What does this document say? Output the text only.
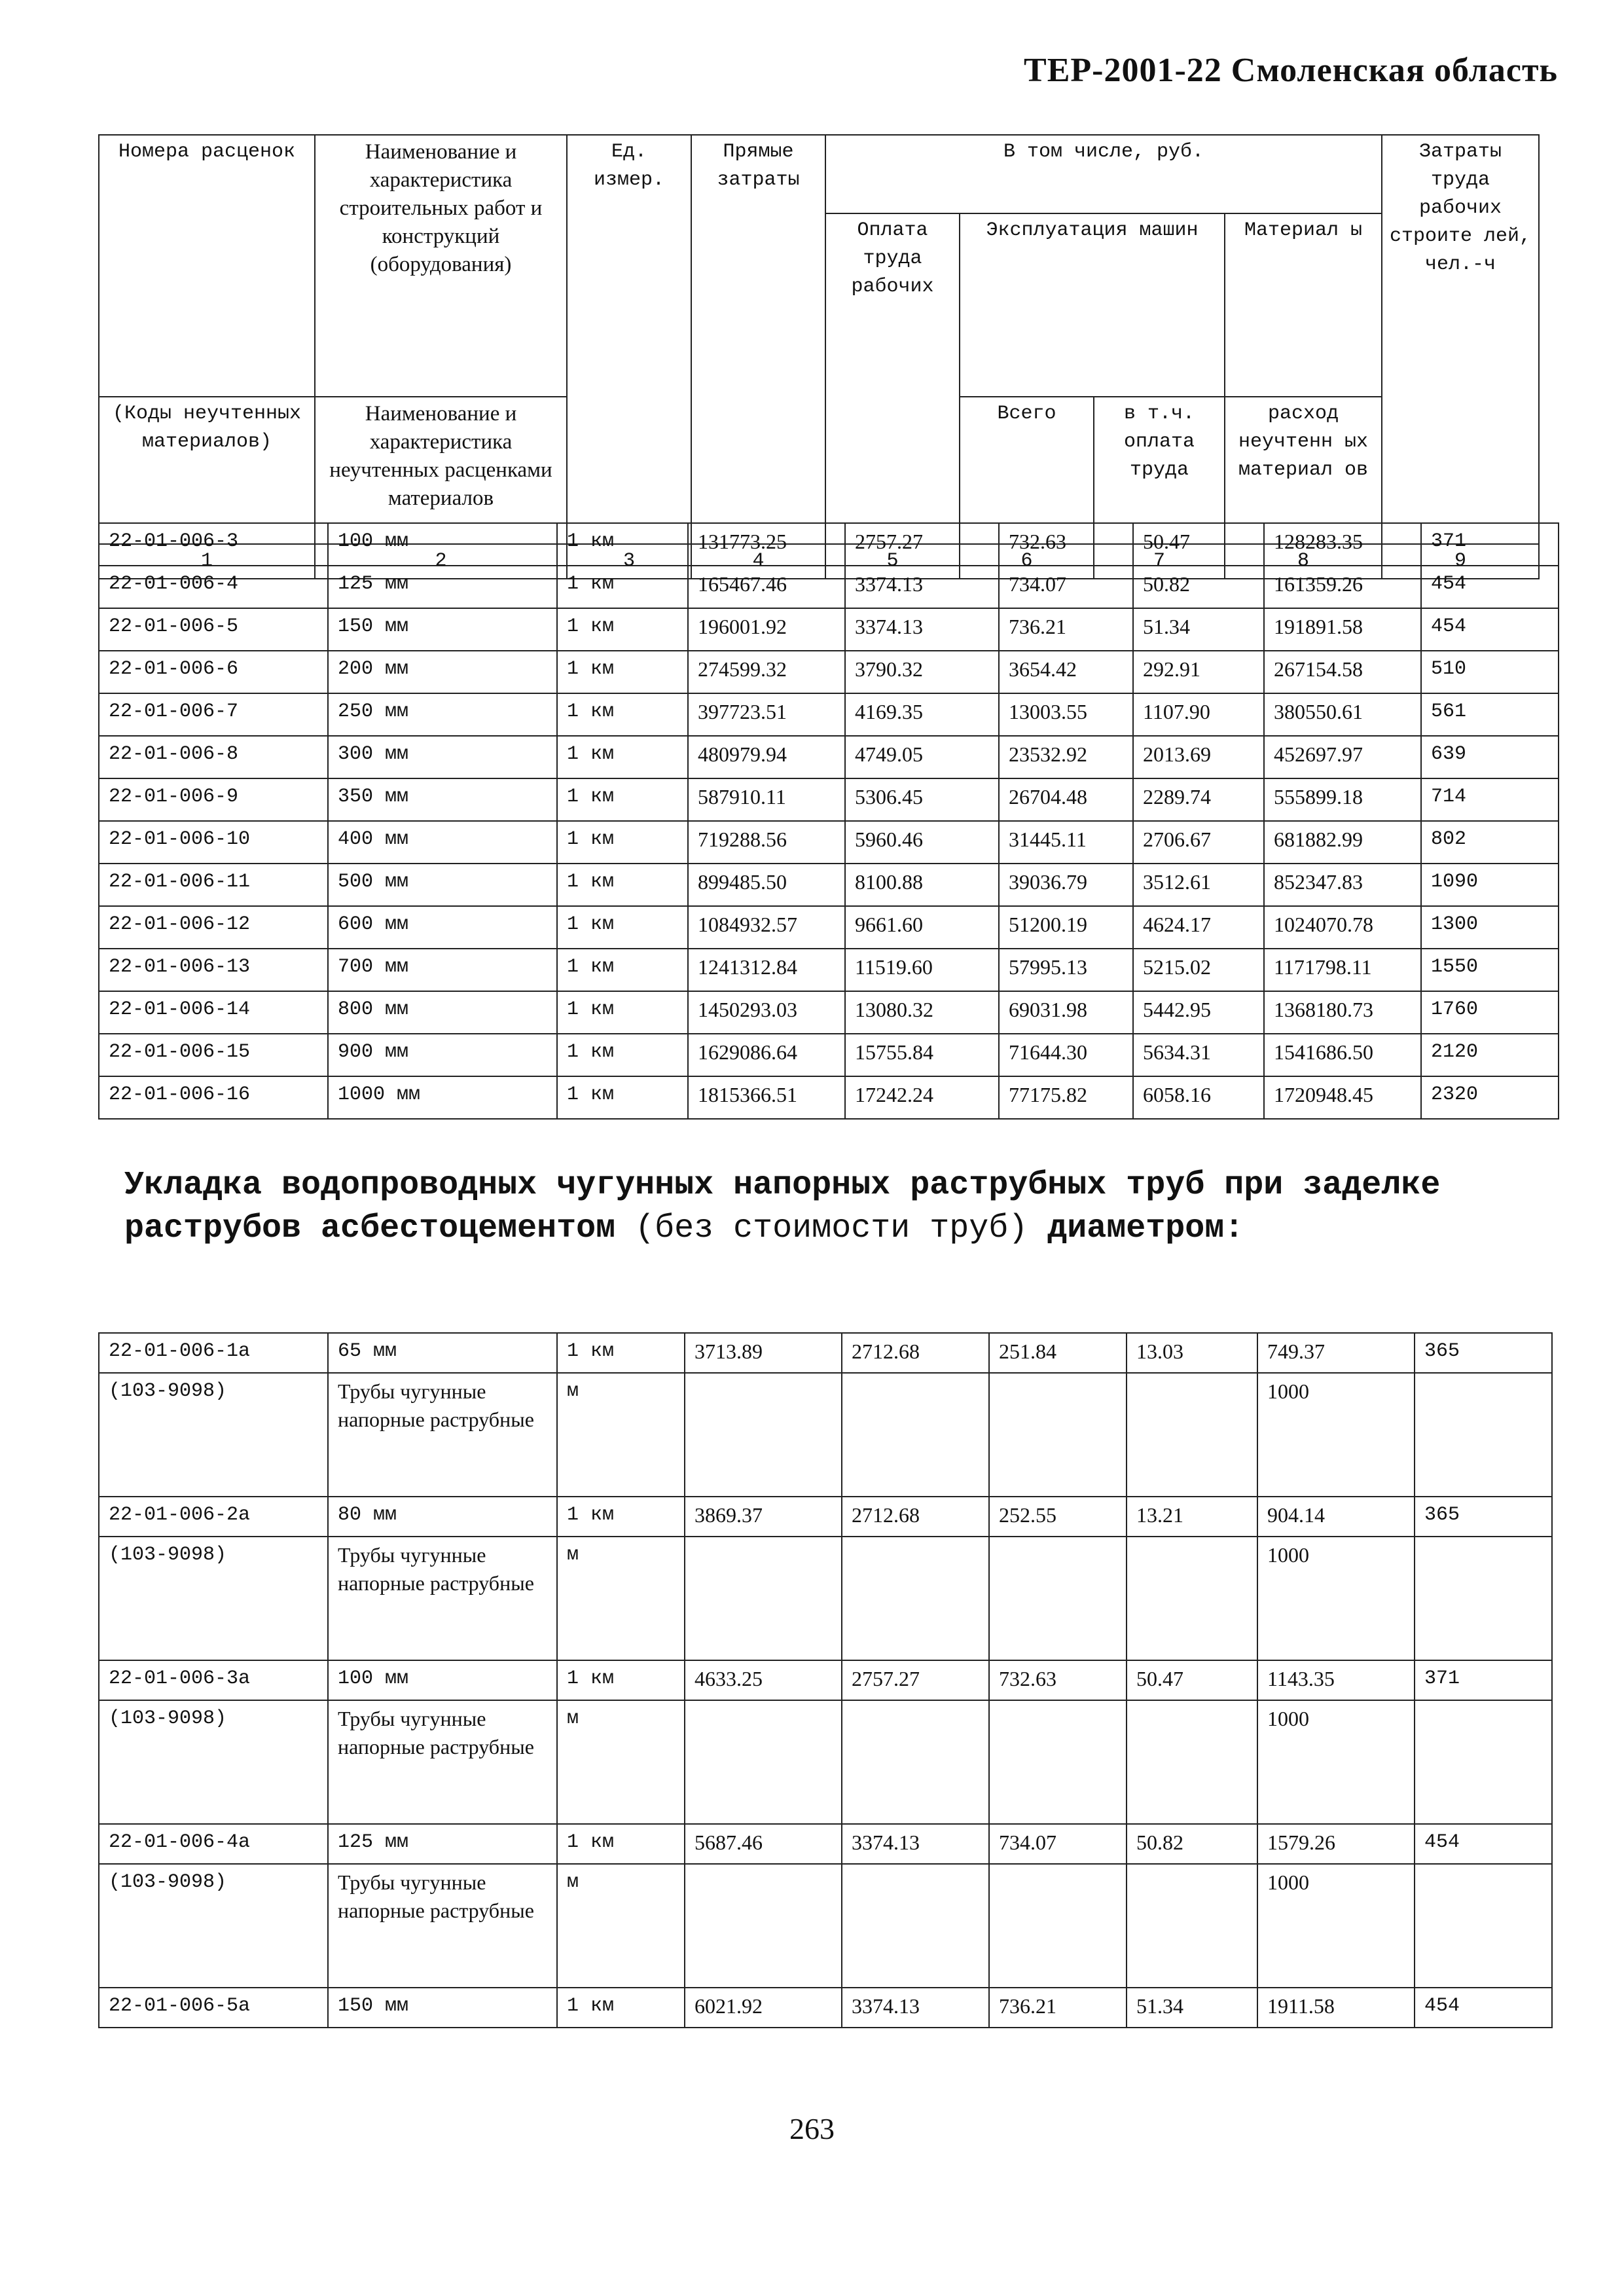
ТЕР-2001-22 Смоленская область
Номера расценок	Наименование и характеристика строительных работ и конструкций (оборудования)	Ед. измер.	Прямые затраты	В том числе, руб.				Затраты труда рабочих строите лей, чел.-ч
				Оплата труда рабочих	Эксплуатация машин		Материал ы	
(Коды неучтенных материалов)	Наименование и характеристика неучтенных расценками материалов				Всего	в т.ч. оплата труда	расход неучтенн ых материал ов	
1	2	3	4	5	6	7	8	9
22-01-006-3	100 мм	1 км	131773.25	2757.27	732.63	50.47	128283.35	371
22-01-006-4	125 мм	1 км	165467.46	3374.13	734.07	50.82	161359.26	454
22-01-006-5	150 мм	1 км	196001.92	3374.13	736.21	51.34	191891.58	454
22-01-006-6	200 мм	1 км	274599.32	3790.32	3654.42	292.91	267154.58	510
22-01-006-7	250 мм	1 км	397723.51	4169.35	13003.55	1107.90	380550.61	561
22-01-006-8	300 мм	1 км	480979.94	4749.05	23532.92	2013.69	452697.97	639
22-01-006-9	350 мм	1 км	587910.11	5306.45	26704.48	2289.74	555899.18	714
22-01-006-10	400 мм	1 км	719288.56	5960.46	31445.11	2706.67	681882.99	802
22-01-006-11	500 мм	1 км	899485.50	8100.88	39036.79	3512.61	852347.83	1090
22-01-006-12	600 мм	1 км	1084932.57	9661.60	51200.19	4624.17	1024070.78	1300
22-01-006-13	700 мм	1 км	1241312.84	11519.60	57995.13	5215.02	1171798.11	1550
22-01-006-14	800 мм	1 км	1450293.03	13080.32	69031.98	5442.95	1368180.73	1760
22-01-006-15	900 мм	1 км	1629086.64	15755.84	71644.30	5634.31	1541686.50	2120
22-01-006-16	1000 мм	1 км	1815366.51	17242.24	77175.82	6058.16	1720948.45	2320
Укладка водопроводных чугунных напорных раструбных труб при заделке раструбов асбестоцементом (без стоимости труб) диаметром:
22-01-006-1а	65 мм	1 км	3713.89	2712.68	251.84	13.03	749.37	365
(103-9098)	Трубы чугунные напорные раструбные	м					1000	
22-01-006-2а	80 мм	1 км	3869.37	2712.68	252.55	13.21	904.14	365
(103-9098)	Трубы чугунные напорные раструбные	м					1000	
22-01-006-3а	100 мм	1 км	4633.25	2757.27	732.63	50.47	1143.35	371
(103-9098)	Трубы чугунные напорные раструбные	м					1000	
22-01-006-4а	125 мм	1 км	5687.46	3374.13	734.07	50.82	1579.26	454
(103-9098)	Трубы чугунные напорные раструбные	м					1000	
22-01-006-5а	150 мм	1 км	6021.92	3374.13	736.21	51.34	1911.58	454
263
